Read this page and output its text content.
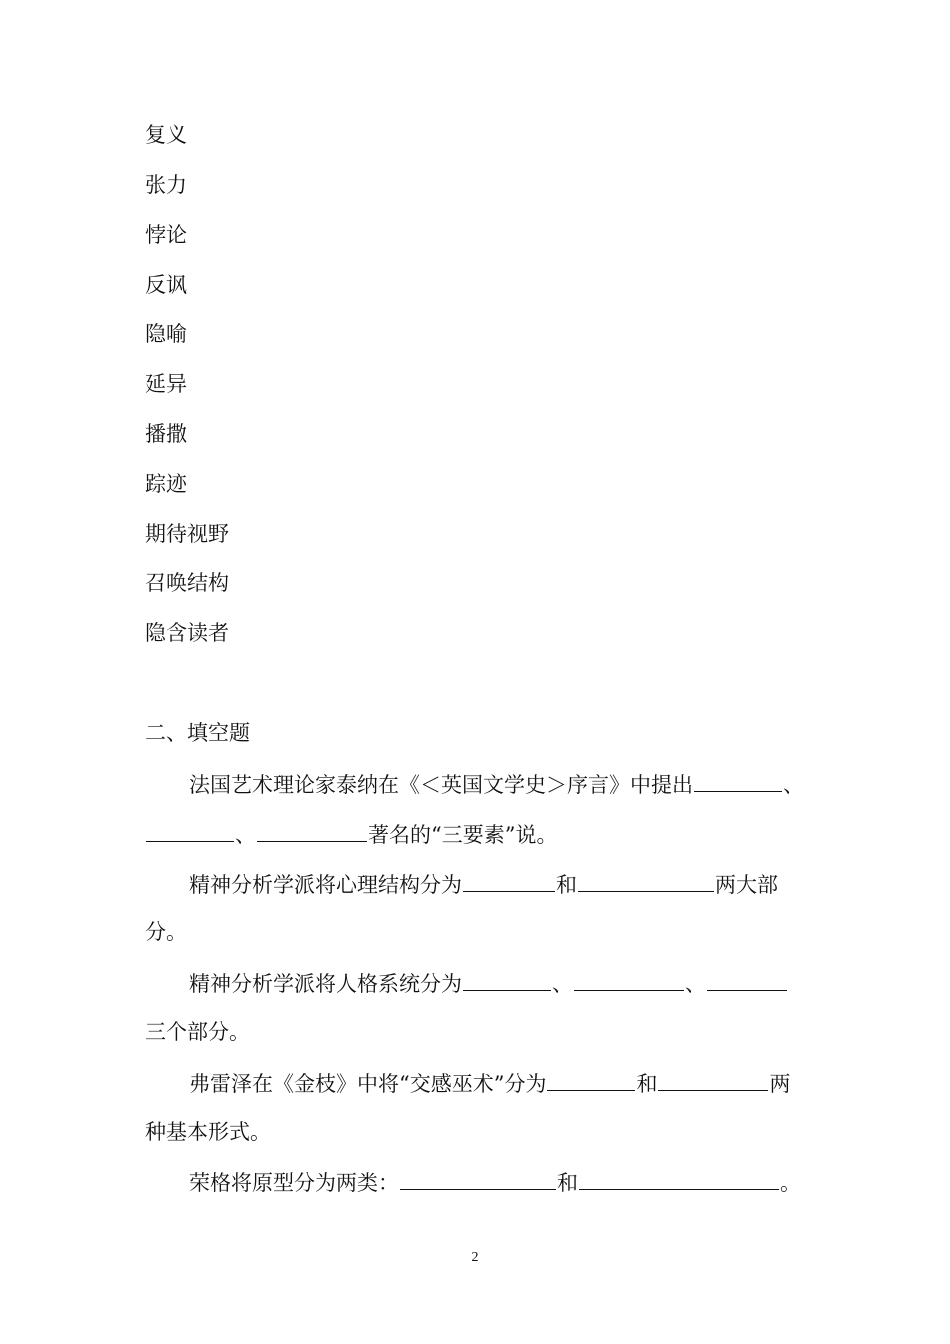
复义
张力
悖论
反讽
隐喻
延异
播撒
踪迹
期待视野
召唤结构
隐含读者
二、填空题
法国艺术理论家泰纳在《＜英国文学史＞序言》中提出	、
、	著名的“三要素”说。
精神分析学派将心理结构分为	和	两大部
分。
精神分析学派将人格系统分为	、	、
三个部分。
弗雷泽在《金枝》中将“交感巫术”分为	和	两
种基本形式。
荣格将原型分为两类：	和	。
2
